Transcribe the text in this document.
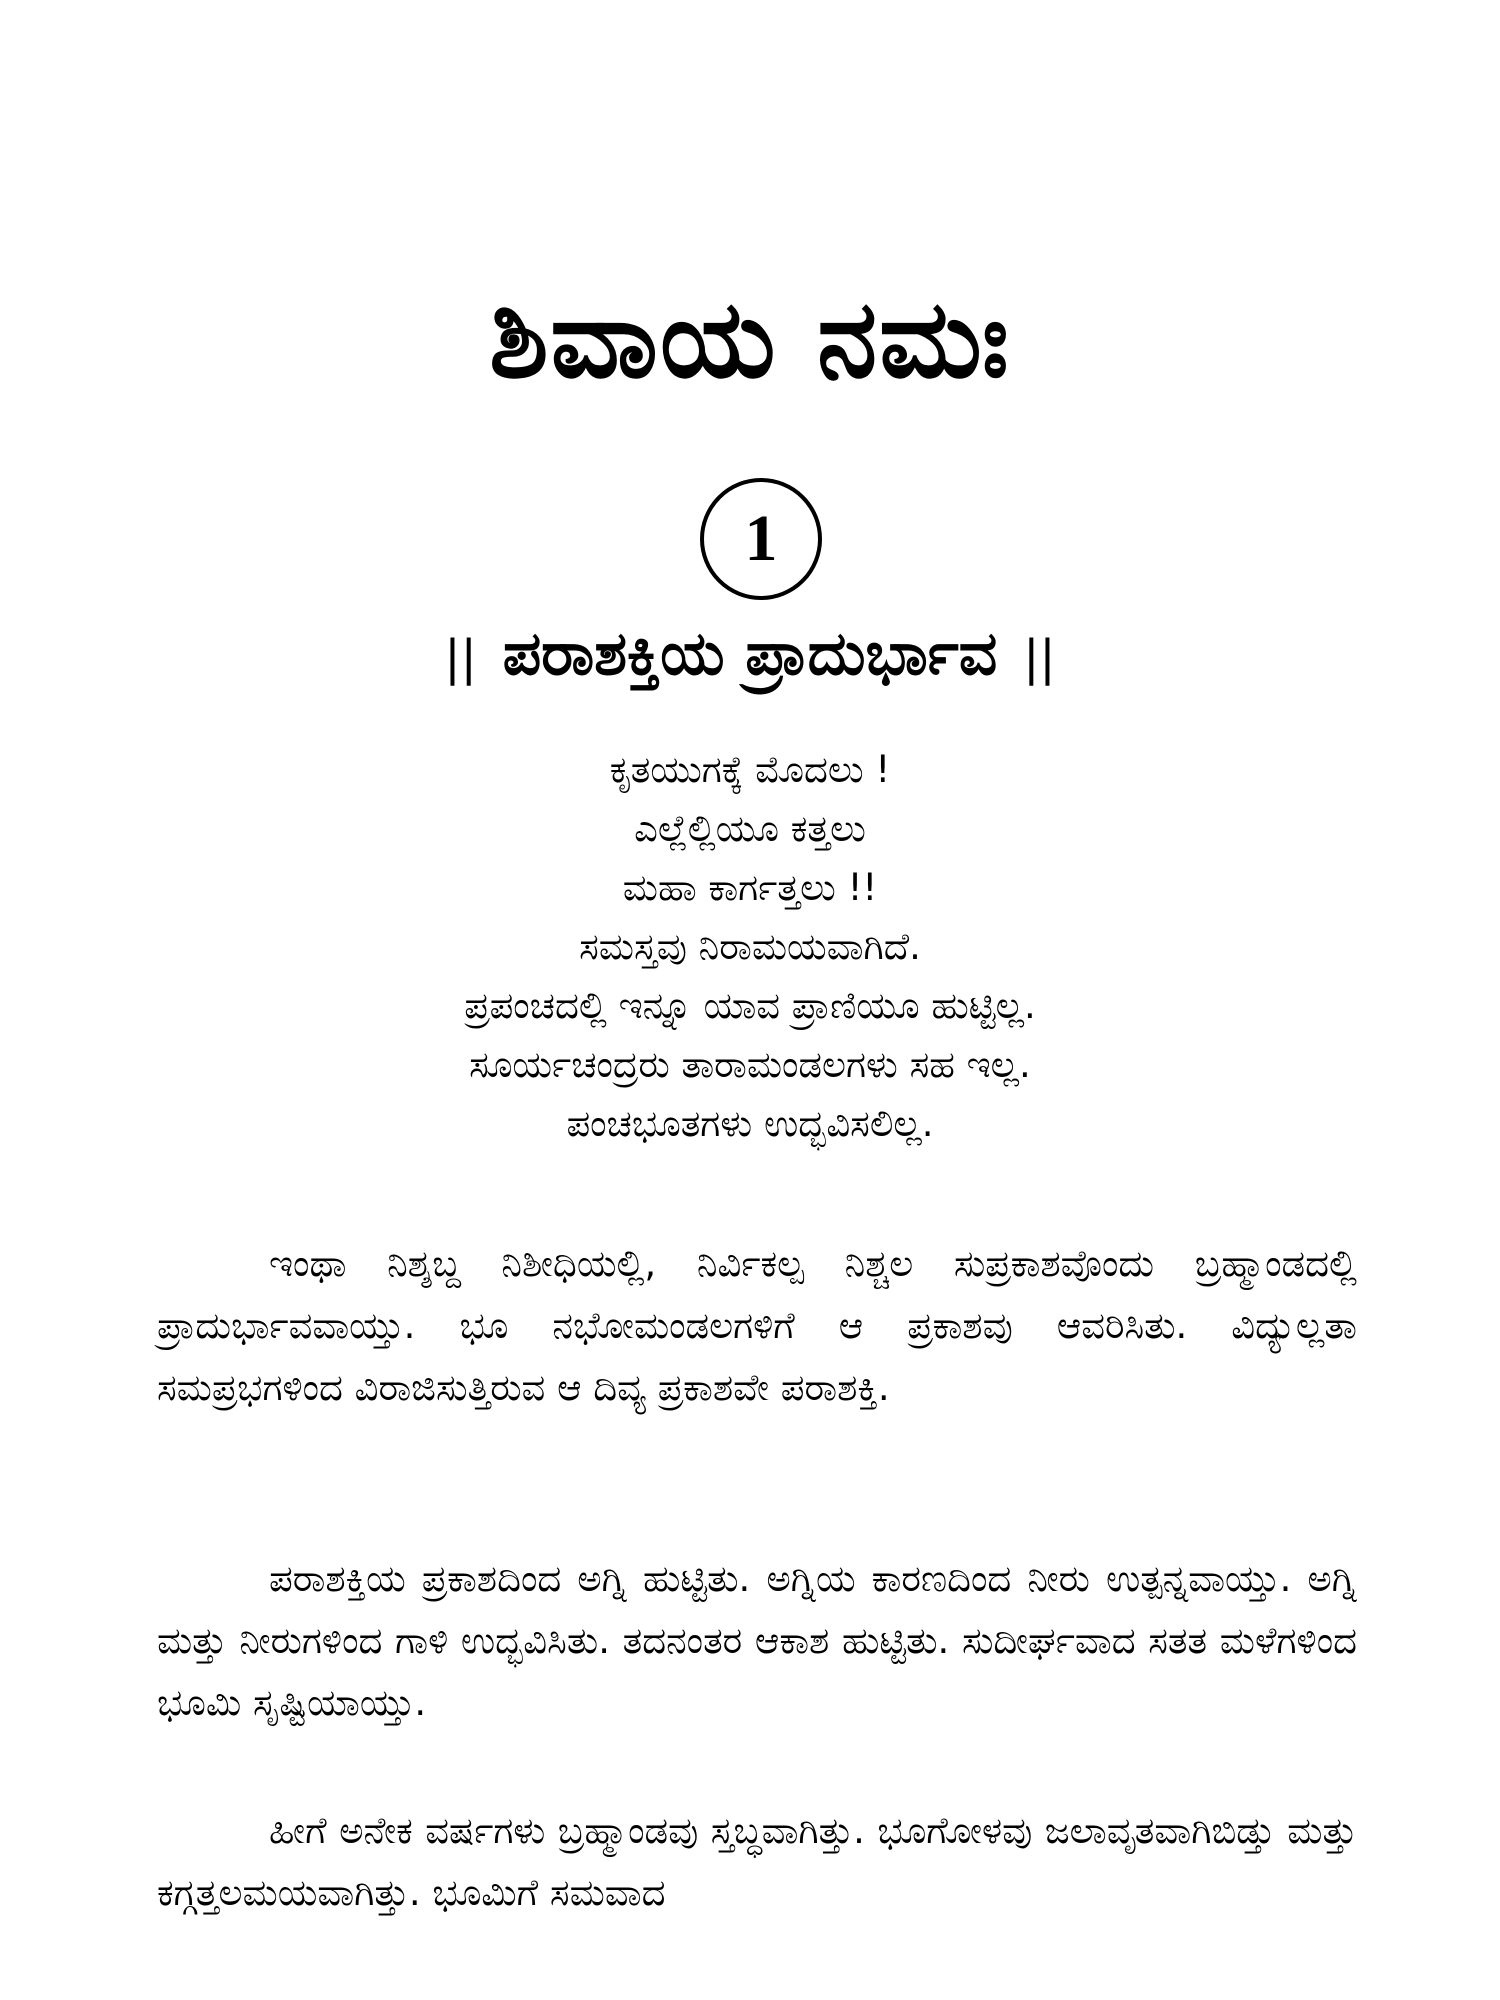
ಶಿವಾಯ ನಮಃ
1
|| ಪರಾಶಕ್ತಿಯ ಪ್ರಾದುರ್ಭಾವ ||
ಕೃತಯುಗಕ್ಕೆ ಮೊದಲು !
ಎಲ್ಲೆಲ್ಲಿಯೂ ಕತ್ತಲು
ಮಹಾ ಕಾರ್ಗತ್ತಲು !!
ಸಮಸ್ತವು ನಿರಾಮಯವಾಗಿದೆ.
ಪ್ರಪಂಚದಲ್ಲಿ ಇನ್ನೂ ಯಾವ ಪ್ರಾಣಿಯೂ ಹುಟ್ಟಿಲ್ಲ.
ಸೂರ್ಯಚಂದ್ರರು ತಾರಾಮಂಡಲಗಳು ಸಹ ಇಲ್ಲ.
ಪಂಚಭೂತಗಳು ಉದ್ಭವಿಸಲಿಲ್ಲ.

ಇಂಥಾ ನಿಶ್ಶಬ್ದ ನಿಶೀಧಿಯಲ್ಲಿ, ನಿರ್ವಿಕಲ್ಪ ನಿಶ್ಚಲ ಸುಪ್ರಕಾಶವೊಂದು ಬ್ರಹ್ಮಾಂಡದಲ್ಲಿ ಪ್ರಾದುರ್ಭಾವವಾಯ್ತು. ಭೂ ನಭೋಮಂಡಲಗಳಿಗೆ ಆ ಪ್ರಕಾಶವು ಆವರಿಸಿತು. ವಿದ್ಯುಲ್ಲತಾ ಸಮಪ್ರಭಗಳಿಂದ ವಿರಾಜಿಸುತ್ತಿರುವ ಆ ದಿವ್ಯ ಪ್ರಕಾಶವೇ ಪರಾಶಕ್ತಿ.

ಪರಾಶಕ್ತಿಯ ಪ್ರಕಾಶದಿಂದ ಅಗ್ನಿ ಹುಟ್ಟಿತು. ಅಗ್ನಿಯ ಕಾರಣದಿಂದ ನೀರು ಉತ್ಪನ್ನವಾಯ್ತು. ಅಗ್ನಿ ಮತ್ತು ನೀರುಗಳಿಂದ ಗಾಳಿ ಉದ್ಭವಿಸಿತು. ತದನಂತರ ಆಕಾಶ ಹುಟ್ಟಿತು. ಸುದೀರ್ಘವಾದ ಸತತ ಮಳೆಗಳಿಂದ ಭೂಮಿ ಸೃಷ್ಟಿಯಾಯ್ತು.

ಹೀಗೆ ಅನೇಕ ವರ್ಷಗಳು ಬ್ರಹ್ಮಾಂಡವು ಸ್ತಬ್ಧವಾಗಿತ್ತು. ಭೂಗೋಳವು ಜಲಾವೃತವಾಗಿಬಿಡ್ತು ಮತ್ತು ಕಗ್ಗತ್ತಲಮಯವಾಗಿತ್ತು. ಭೂಮಿಗೆ ಸಮವಾದ
